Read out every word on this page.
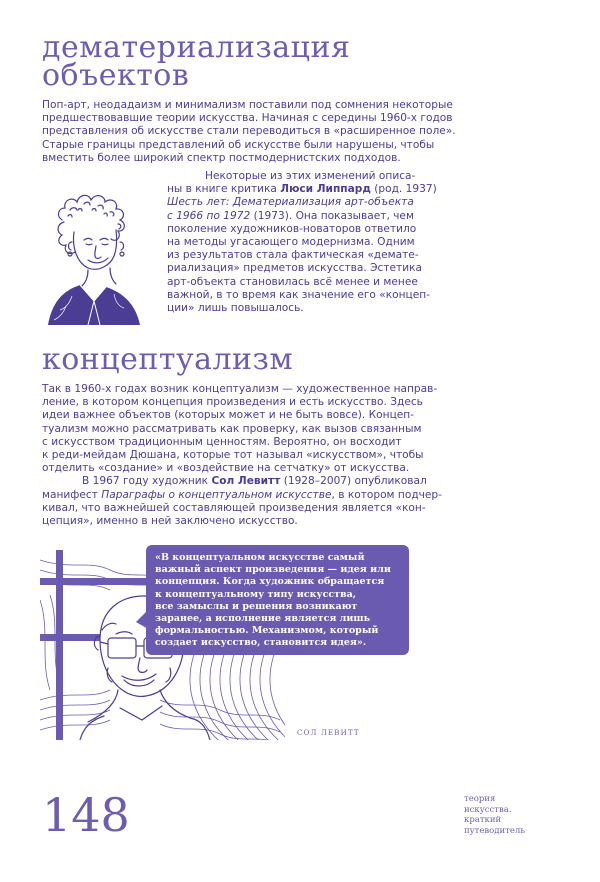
дематериализация
объектов
Поп-арт, неодадаизм и минимализм поставили под сомнения некоторые
предшествовавшие теории искусства. Начиная с середины 1960-х годов
представления об искусстве стали переводиться в «расширенное поле».
Старые границы представлений об искусстве были нарушены, чтобы
вместить более широкий спектр постмодернистских подходов.
Некоторые из этих изменений описа-
ны в книге критика Люси Липпард (род. 1937)
Шесть лет: Дематериализация арт-объекта
с 1966 по 1972 (1973). Она показывает, чем
поколение художников-новаторов ответило
на методы угасающего модернизма. Одним
из результатов стала фактическая «демате-
риализация» предметов искусства. Эстетика
арт-объекта становилась всё менее и менее
важной, в то время как значение его «концеп-
ции» лишь повышалось.
концептуализм
Так в 1960-х годах возник концептуализм — художественное направ-
ление, в котором концепция произведения и есть искусство. Здесь
идеи важнее объектов (которых может и не быть вовсе). Концеп-
туализм можно рассматривать как проверку, как вызов связанным
с искусством традиционным ценностям. Вероятно, он восходит
к реди-мейдам Дюшана, которые тот называл «искусством», чтобы
отделить «создание» и «воздействие на сетчатку» от искусства.
В 1967 году художник Сол Левитт (1928–2007) опубликовал
манифест Параграфы о концептуальном искусстве, в котором подчер-
кивал, что важнейшей составляющей произведения является «кон-
цепция», именно в ней заключено искусство.
«В концептуальном искусстве самый
важный аспект произведения — идея или
концепция. Когда художник обращается
к концептуальному типу искусства,
все замыслы и решения возникают
заранее, а исполнение является лишь
формальностью. Механизмом, который
создает искусство, становится идея».
СОЛ ЛЕВИТТ
148	теория
искусства.
краткий
путеводитель
